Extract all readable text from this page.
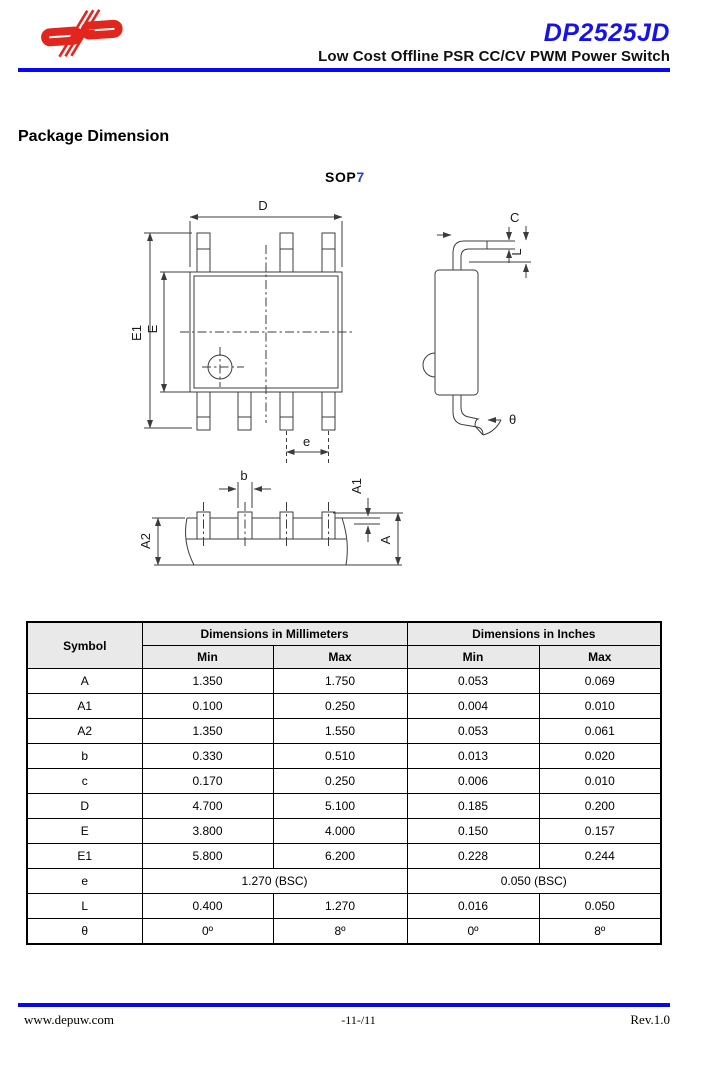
DP2525JD
Low Cost Offline PSR CC/CV PWM Power Switch
Package Dimension
SOP7
D
E1 E
e
C
L
θ
b
A1
A
A2
Symbol	Dimensions in Millimeters		Dimensions in Inches	
	Min	Max	Min	Max
A	1.350	1.750	0.053	0.069
A1	0.100	0.250	0.004	0.010
A2	1.350	1.550	0.053	0.061
b	0.330	0.510	0.013	0.020
c	0.170	0.250	0.006	0.010
D	4.700	5.100	0.185	0.200
E	3.800	4.000	0.150	0.157
E1	5.800	6.200	0.228	0.244
e	1.270 (BSC)		0.050 (BSC)	
L	0.400	1.270	0.016	0.050
θ	0º	8º	0º	8º
www.depuw.com	-11-/11	Rev.1.0
